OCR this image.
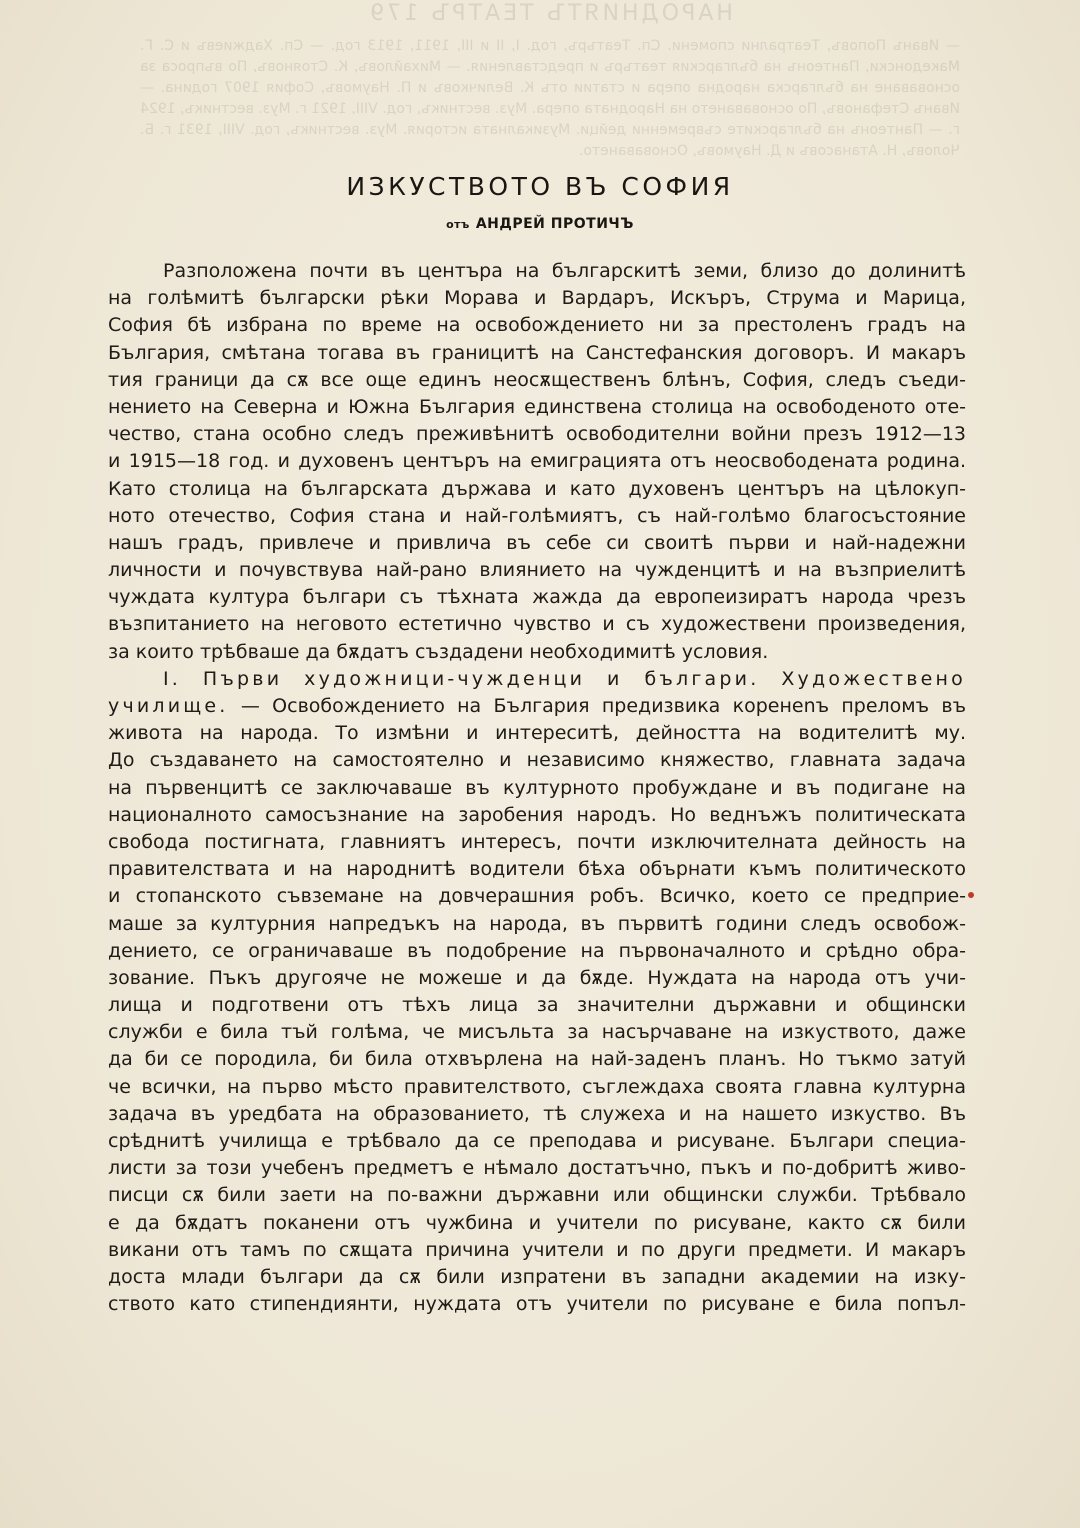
НАРОДНИЯТЪ ТЕАТРЪ 179

— Иванъ Поповъ, Театрални спомени. Сп. Театъръ, год. I, II и III, 1911, 1913 год. — Сп. Хаджиевъ и С. Г. Македонски, Пантеонъ на българския театъръ и представления. — Михайловъ, К. Стояновъ, По въпроса за основаване на българска народна опера и статии отъ К. Величковъ и П. Наумовъ, София 1907 година. — Иванъ Стефановъ, По основаването на Народната опера. Муз. вестникъ, год. VIII, 1921 г. Муз. вестникъ, 1924 г. — Пантеонъ на българските съвременни дейци. Музикалната история. Муз. вестникъ, год. VIII, 1931 г. Б. Чоловъ, Н. Атанасовъ и Д. Наумовъ, Основаването.

ИЗКУСТВОТО ВЪ СОФИЯ
отъ АНДРЕЙ ПРОТИЧЪ
Разположена почти въ центъра на българскитѣ земи, близо до долинитѣ
на голѣмитѣ български рѣки Морава и Вардаръ, Искъръ, Струма и Марица,
София бѣ избрана по време на освобождението ни за престоленъ градъ на
България, смѣтана тогава въ границитѣ на Санстефанския договоръ. И макаръ
тия граници да сѫ все още единъ неосѫщественъ блѣнъ, София, следъ съеди-
нението на Северна и Южна България единствена столица на освободеното оте-
чество, стана особно следъ преживѣнитѣ освободителни войни презъ 1912—13
и 1915—18 год. и духовенъ центъръ на емиграцията отъ неосвободената родина.
Като столица на българската държава и като духовенъ центъръ на цѣлокуп-
ното отечество, София стана и най-голѣмиятъ, съ най-голѣмо благосъстояние
нашъ градъ, привлече и привлича въ себе си своитѣ първи и най-надежни
личности и почувствува най-рано влиянието на чужденцитѣ и на възприелитѣ
чуждата култура българи съ тѣхната жажда да европеизиратъ народа чрезъ
възпитанието на неговото естетично чувство и съ художествени произведения,
за които трѣбваше да бѫдатъ създадени необходимитѣ условия.
I. Първи художници-чужденци и българи. Художествено
училище. — Освобождението на България предизвика коренenъ преломъ въ
живота на народа. То измѣни и интереситѣ, дейността на водителитѣ му.
До създаването на самостоятелно и независимо княжество, главната задача
на първенцитѣ се заключаваше въ културното пробуждане и въ подигане на
националното самосъзнание на заробения народъ. Но веднъжъ политическата
свобода постигната, главниятъ интересъ, почти изключителната дейность на
правителствата и на народнитѣ водители бѣха обърнати къмъ политическото
и стопанското съвземане на довчерашния робъ. Всичко, което се предприе-
маше за културния напредъкъ на народа, въ първитѣ години следъ освобож-
дението, се ограничаваше въ подобрение на първоначалното и срѣдно обра-
зование. Пъкъ другояче не можеше и да бѫде. Нуждата на народа отъ учи-
лища и подготвени отъ тѣхъ лица за значителни държавни и общински
служби е била тъй голѣма, че мисъльта за насърчаване на изкуството, даже
да би се породила, би била отхвърлена на най-заденъ планъ. Но тъкмо затуй
че всички, на първо мѣсто правителството, съглеждаха своята главна културна
задача въ уредбата на образованието, тѣ служеха и на нашето изкуство. Въ
срѣднитѣ училища е трѣбвало да се преподава и рисуване. Българи специа-
листи за този учебенъ предметъ е нѣмало достатъчно, пъкъ и по-добритѣ живо-
писци сѫ били заети на по-важни държавни или общински служби. Трѣбвало
е да бѫдатъ поканени отъ чужбина и учители по рисуване, както сѫ били
викани отъ тамъ по сѫщата причина учители и по други предмети. И макаръ
доста млади българи да сѫ били изпратени въ западни академии на изку-
ството като стипендиянти, нуждата отъ учители по рисуване е била попъл-
